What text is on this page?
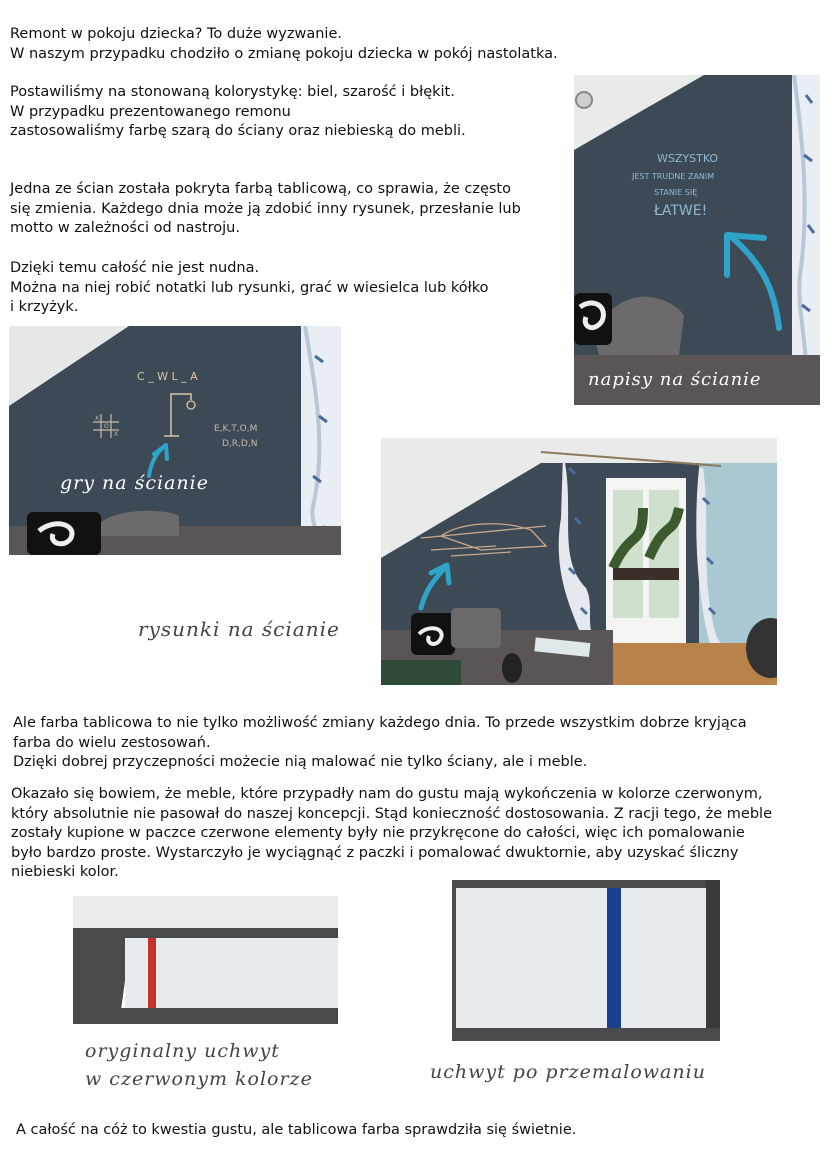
Remont w pokoju dziecka? To duże wyzwanie.

W naszym przypadku chodziło o zmianę pokoju dziecka w pokój nastolatka.

Postawiliśmy na stonowaną kolorystykę: biel, szarość i błękit.

W przypadku prezentowanego remonu

zastosowaliśmy farbę szarą do ściany oraz niebieską do mebli.

Jedna ze ścian została pokryta farbą tablicową, co sprawia, że często

się zmienia. Każdego dnia może ją zdobić inny rysunek, przesłanie lub

motto w zależności od nastroju.

Dzięki temu całość nie jest nudna.

Można na niej robić notatki lub rysunki, grać w wiesielca lub kółko

i krzyżyk.

WSZYSTKO
JEST TRUDNE ZANIM
STANIE SIĘ
ŁATWE!
napisy na ścianie
C _ W L _ A
X
O
X
E,K,T,O,M
D,R,D,N
gry na ścianie
rysunki na ścianie

Ale farba tablicowa to nie tylko możliwość zmiany każdego dnia. To przede wszystkim dobrze kryjąca

farba do wielu zestosowań.

Dzięki dobrej przyczepności możecie nią malować nie tylko ściany, ale i meble.

Okazało się bowiem, że meble, które przypadły nam do gustu mają wykończenia w kolorze czerwonym,

który absolutnie nie pasował do naszej koncepcji. Stąd konieczność dostosowania. Z racji tego, że meble

zostały kupione w paczce czerwone elementy były nie przykręcone do całości, więc ich pomalowanie

było bardzo proste. Wystarczyło je wyciągnąć z paczki i pomalować dwuktornie, aby uzyskać śliczny

niebieski kolor.

oryginalny uchwyt
w czerwonym kolorze	uchwyt po przemalowaniu
A całość na cóż to kwestia gustu, ale tablicowa farba sprawdziła się świetnie.
